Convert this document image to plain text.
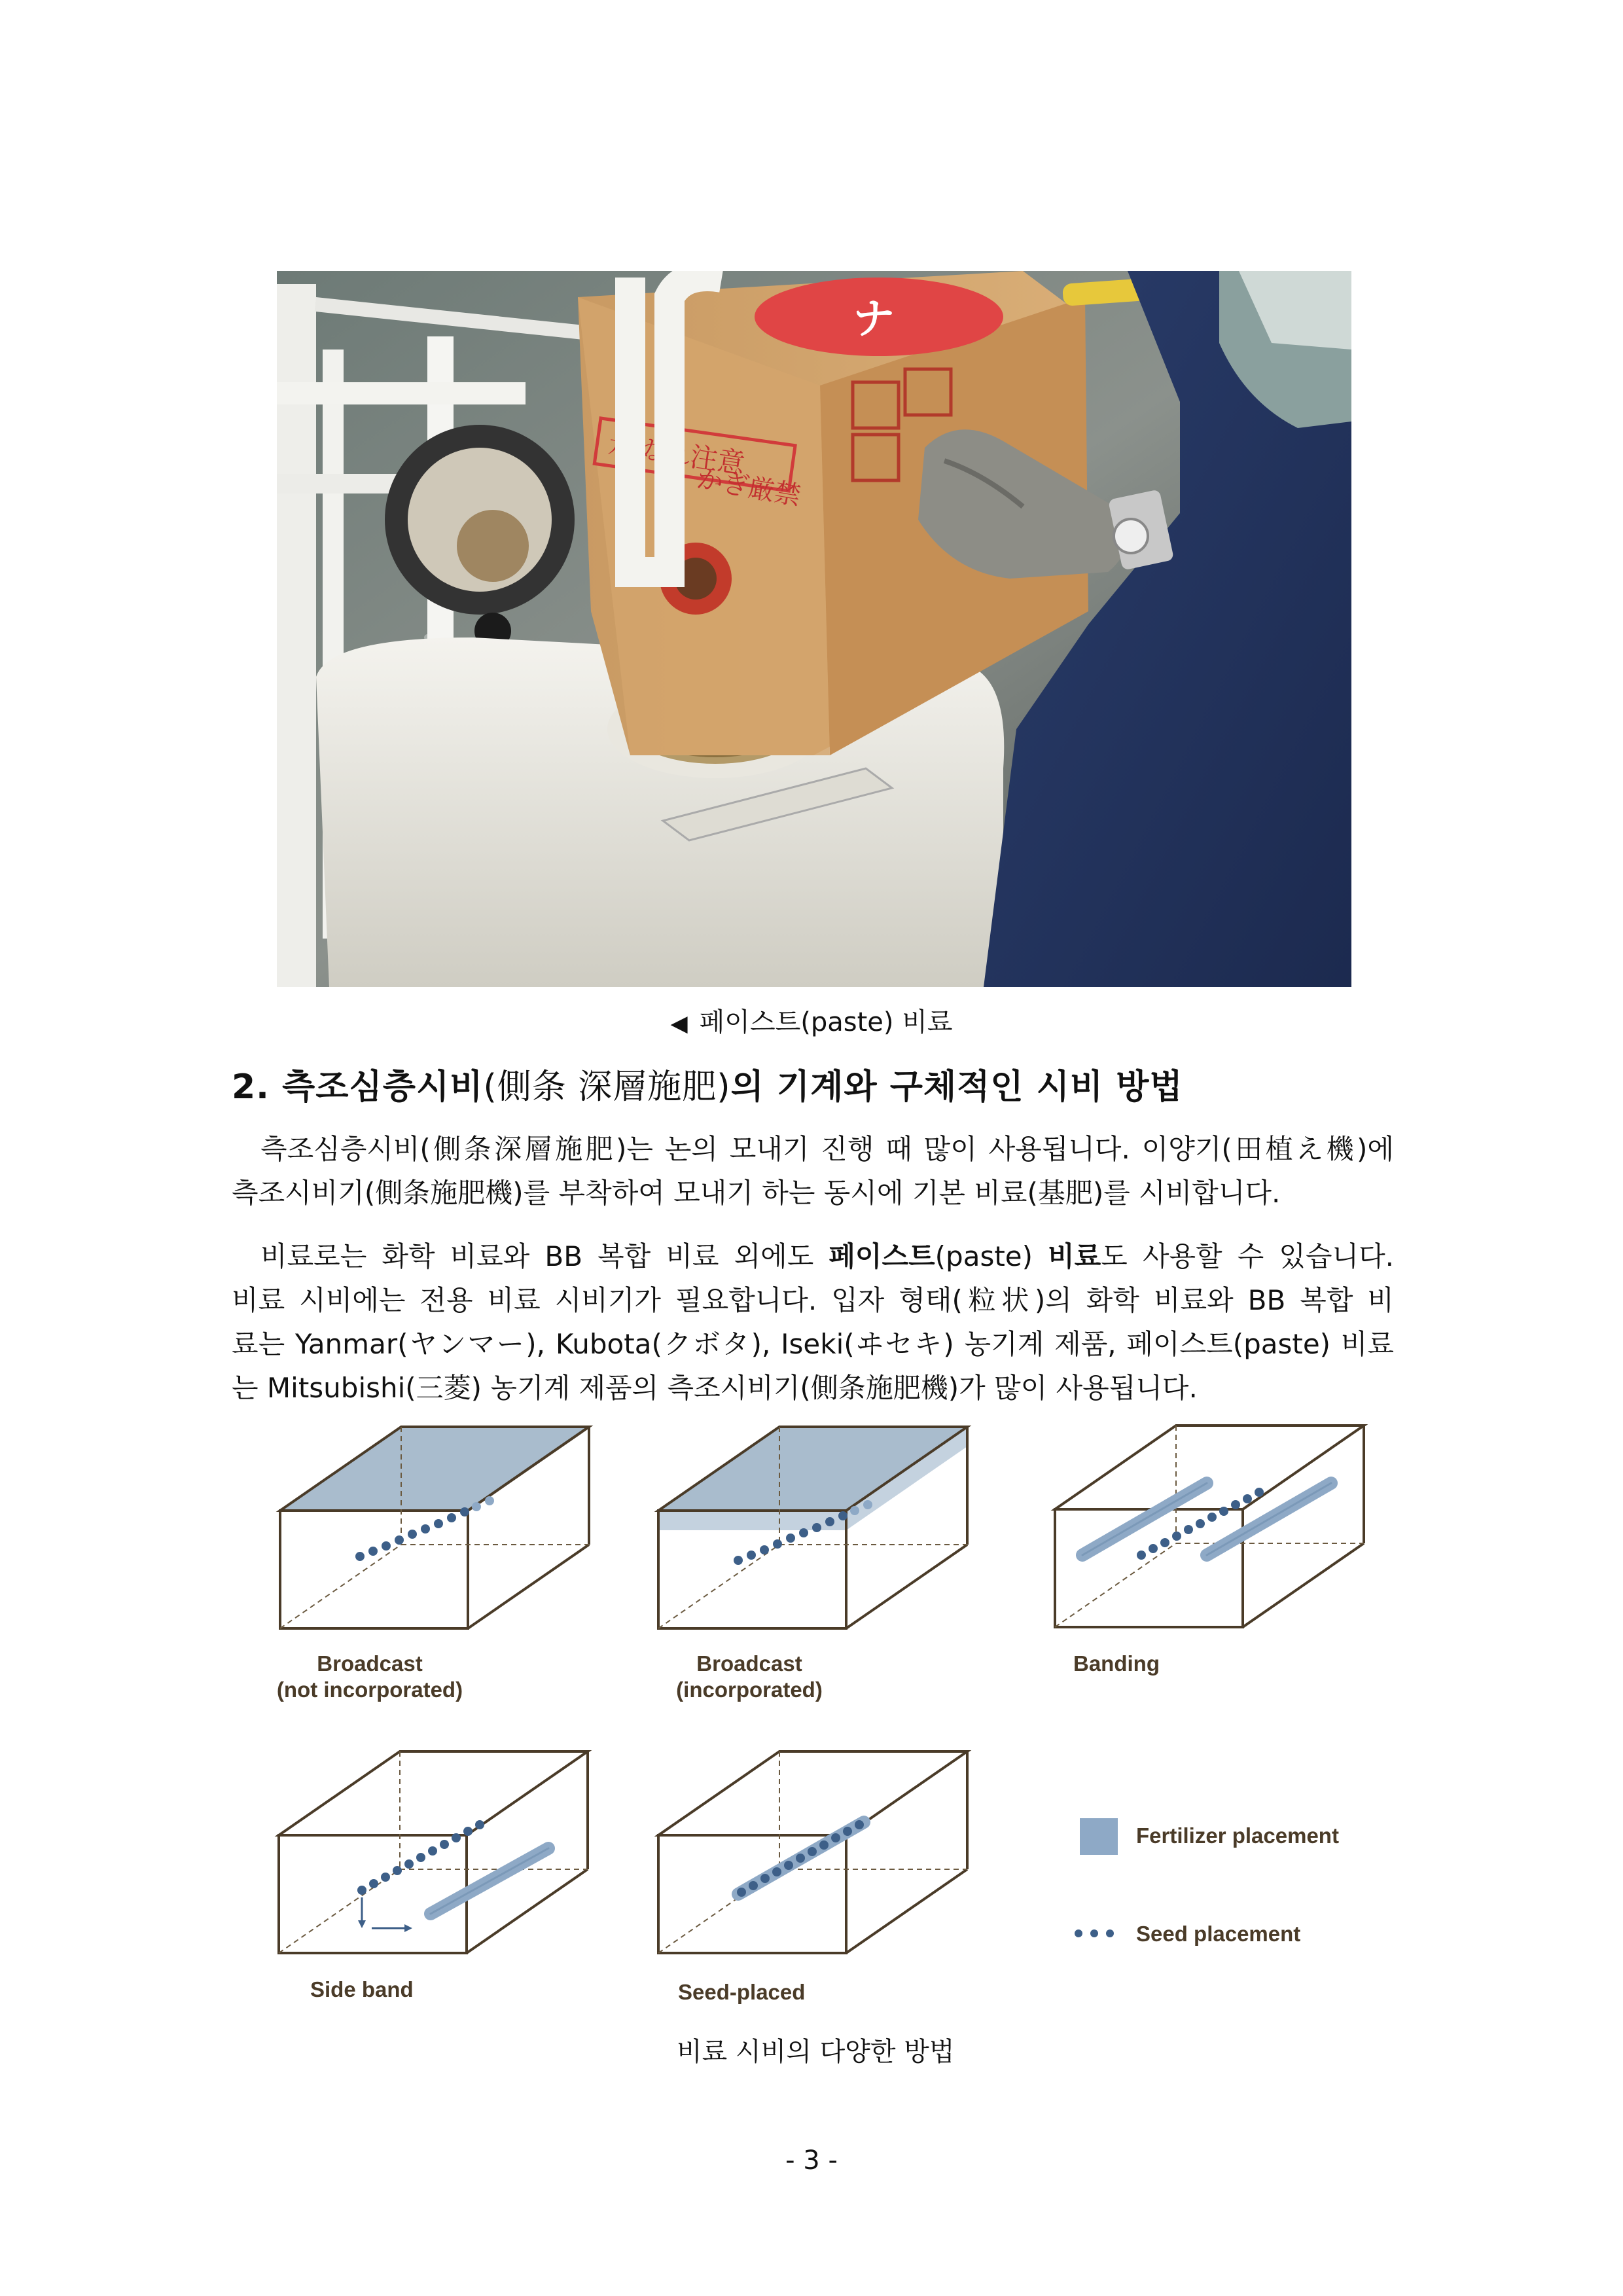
ナ
水ぬれ注意
かぎ厳禁
◀ 페이스트(paste) 비료
2. 측조심층시비(側条 深層施肥)의 기계와 구체적인 시비 방법
측조심층시비(側条深層施肥)는 논의 모내기 진행 때 많이 사용됩니다. 이양기(田植え機)에
측조시비기(側条施肥機)를 부착하여 모내기 하는 동시에 기본 비료(基肥)를 시비합니다.
비료로는 화학 비료와 BB 복합 비료 외에도 페이스트(paste) 비료도 사용할 수 있습니다.
비료 시비에는 전용 비료 시비기가 필요합니다. 입자 형태(粒状)의 화학 비료와 BB 복합 비
료는 Yanmar(ヤンマー), Kubota(クボタ), Iseki(ヰセキ) 농기계 제품, 페이스트(paste) 비료
는 Mitsubishi(三菱) 농기계 제품의 측조시비기(側条施肥機)가 많이 사용됩니다.
Broadcast
(not incorporated)
Broadcast
(incorporated)
Banding
Side band	Seed-placed
Fertilizer placement
Seed placement
비료 시비의 다양한 방법
- 3 -
